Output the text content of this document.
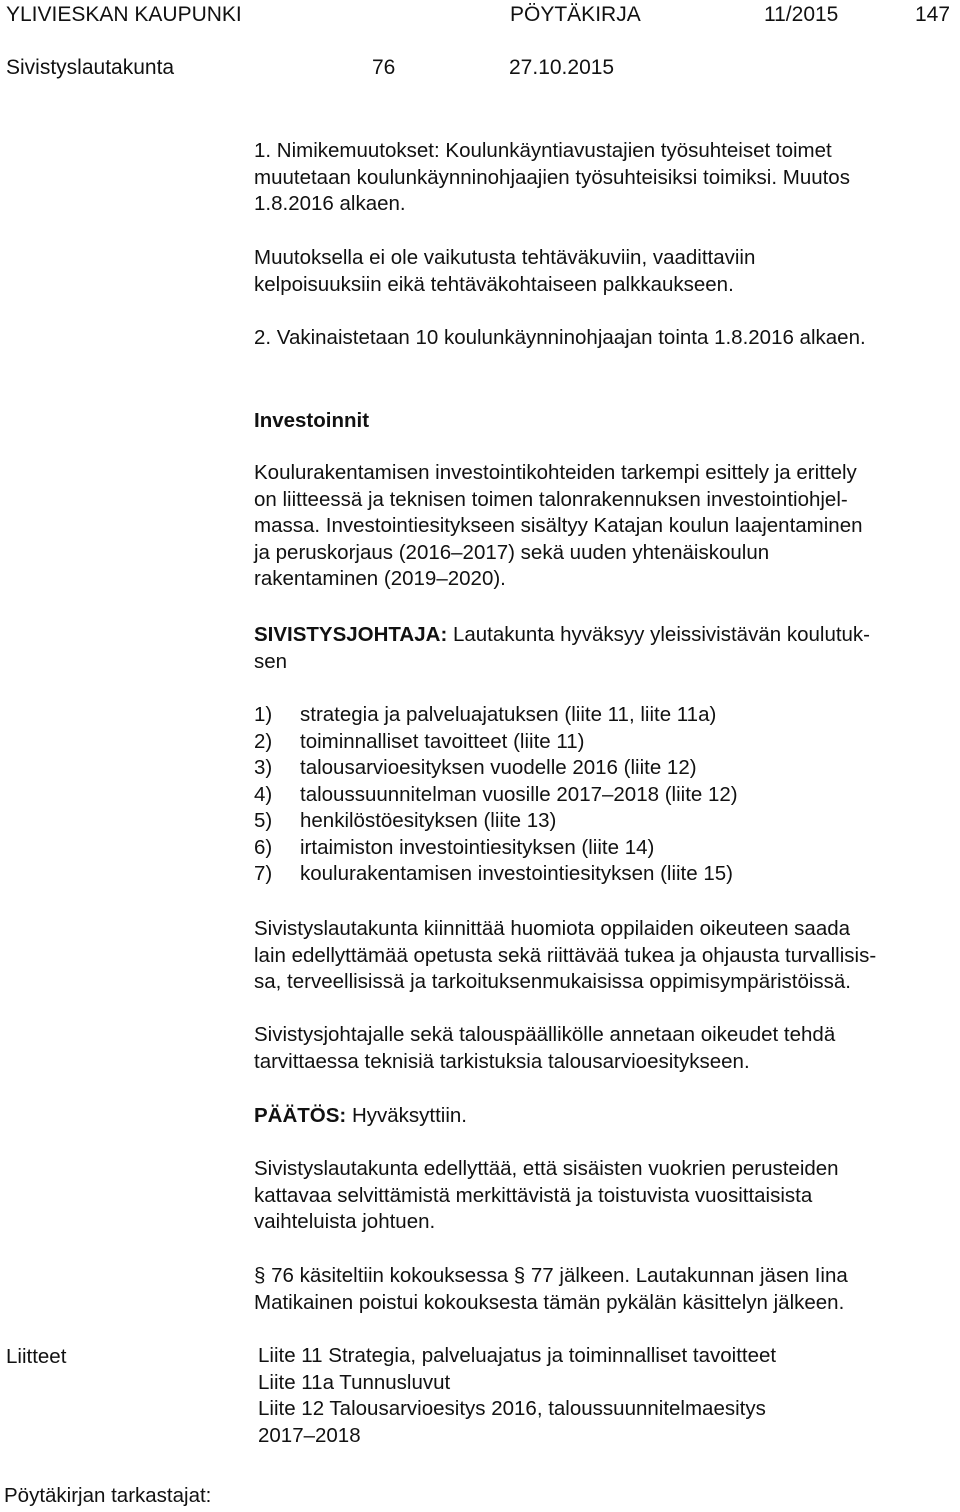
YLIVIESKAN KAUPUNKI	PÖYTÄKIRJA	11/2015	147
Sivistyslautakunta	76	27.10.2015
1. Nimikemuutokset: Koulunkäyntiavustajien työsuhteiset toimet
muutetaan koulunkäynninohjaajien työsuhteisiksi toimiksi. Muutos
1.8.2016 alkaen.
Muutoksella ei ole vaikutusta tehtäväkuviin, vaadittaviin
kelpoisuuksiin eikä tehtäväkohtaiseen palkkaukseen.
2. Vakinaistetaan 10 koulunkäynninohjaajan tointa 1.8.2016 alkaen.
Investoinnit
Koulurakentamisen investointikohteiden tarkempi esittely ja erittely
on liitteessä ja teknisen toimen talonrakennuksen investointiohjel-
massa. Investointiesitykseen sisältyy Katajan koulun laajentaminen
ja peruskorjaus (2016‒2017) sekä uuden yhtenäiskoulun
rakentaminen (2019‒2020).
SIVISTYSJOHTAJA: Lautakunta hyväksyy yleissivistävän koulutuk-
sen
1) strategia ja palveluajatuksen (liite 11, liite 11a)
2) toiminnalliset tavoitteet (liite 11)
3) talousarvioesityksen vuodelle 2016 (liite 12)
4) taloussuunnitelman vuosille 2017‒2018 (liite 12)
5) henkilöstöesityksen (liite 13)
6) irtaimiston investointiesityksen (liite 14)
7) koulurakentamisen investointiesityksen (liite 15)
Sivistyslautakunta kiinnittää huomiota oppilaiden oikeuteen saada
lain edellyttämää opetusta sekä riittävää tukea ja ohjausta turvallisis-
sa, terveellisissä ja tarkoituksenmukaisissa oppimisympäristöissä.
Sivistysjohtajalle sekä talouspäällikölle annetaan oikeudet tehdä
tarvittaessa teknisiä tarkistuksia talousarvioesitykseen.
PÄÄTÖS: Hyväksyttiin.
Sivistyslautakunta edellyttää, että sisäisten vuokrien perusteiden
kattavaa selvittämistä merkittävistä ja toistuvista vuosittaisista
vaihteluista johtuen.
§ 76 käsiteltiin kokouksessa § 77 jälkeen. Lautakunnan jäsen Iina
Matikainen poistui kokouksesta tämän pykälän käsittelyn jälkeen.
Liitteet	Liite 11 Strategia, palveluajatus ja toiminnalliset tavoitteet
Liite 11a Tunnusluvut
Liite 12 Talousarvioesitys 2016, taloussuunnitelmaesitys
2017‒2018
Pöytäkirjan tarkastajat:
